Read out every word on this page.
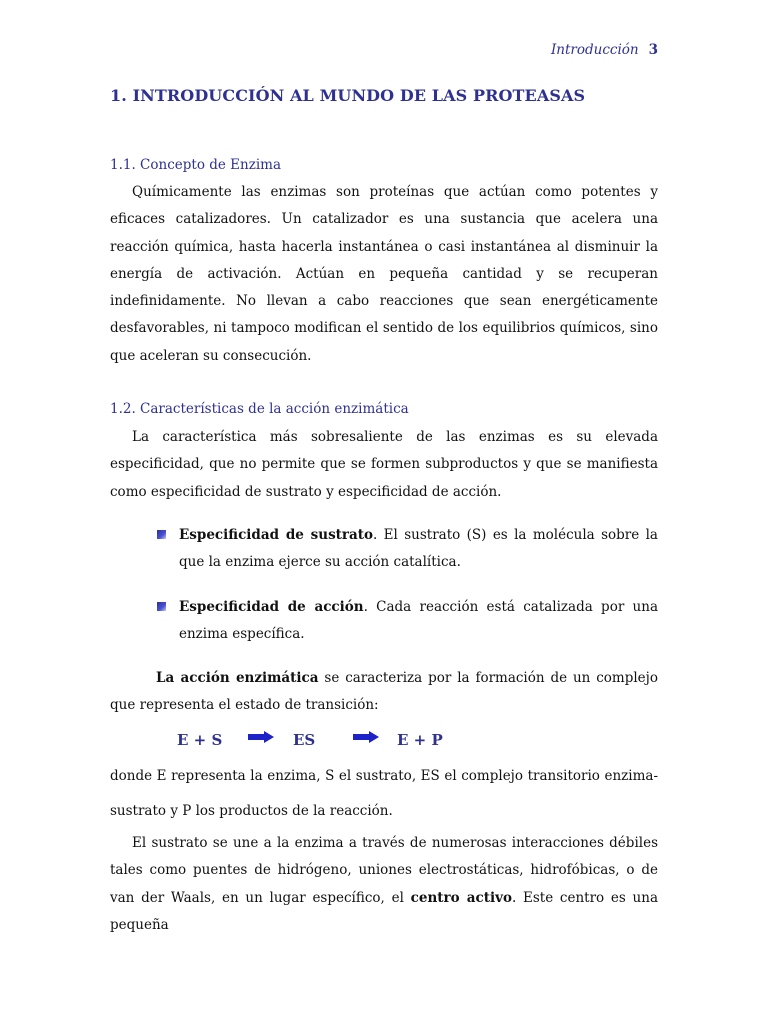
Introducción 3
1. INTRODUCCIÓN AL MUNDO DE LAS PROTEASAS
1.1. Concepto de Enzima

Químicamente las enzimas son proteínas que actúan como potentes y eficaces catalizadores. Un catalizador es una sustancia que acelera una reacción química, hasta hacerla instantánea o casi instantánea al disminuir la energía de activación. Actúan en pequeña cantidad y se recuperan indefinidamente. No llevan a cabo reacciones que sean energéticamente desfavorables, ni tampoco modifican el sentido de los equilibrios químicos, sino que aceleran su consecución.

1.2. Características de la acción enzimática

La característica más sobresaliente de las enzimas es su elevada especificidad, que no permite que se formen subproductos y que se manifiesta como especificidad de sustrato y especificidad de acción.

Especificidad de sustrato. El sustrato (S) es la molécula sobre la que la enzima ejerce su acción catalítica.

Especificidad de acción. Cada reacción está catalizada por una enzima específica.

La acción enzimática se caracteriza por la formación de un complejo que representa el estado de transición:

E + S	ES	E + P

donde E representa la enzima, S el sustrato, ES el complejo transitorio enzima-sustrato y P los productos de la reacción.

El sustrato se une a la enzima a través de numerosas interacciones débiles tales como puentes de hidrógeno, uniones electrostáticas, hidrofóbicas, o de van der Waals, en un lugar específico, el centro activo. Este centro es una pequeña
